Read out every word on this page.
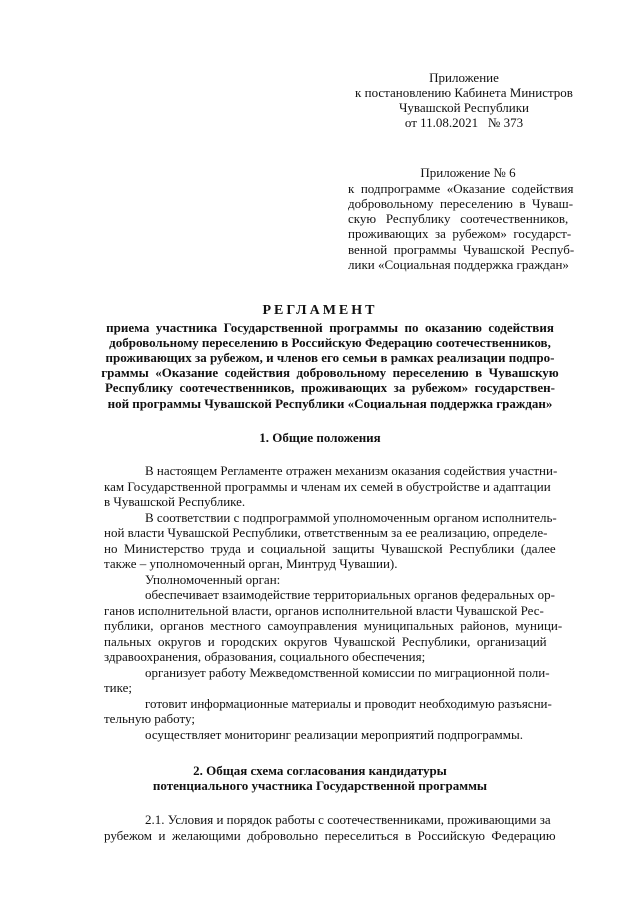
Приложение
к постановлению Кабинета Министров
Чувашской Республики
от 11.08.2021   № 373
Приложение № 6
к  подпрограмме  «Оказание  содействия
добровольному  переселению  в  Чуваш-
скую   Республику   соотечественников,
проживающих  за  рубежом»  государст-
венной  программы  Чувашской  Респуб-
лики «Социальная поддержка граждан»
РЕГЛАМЕНТ
приема  участника  Государственной  программы  по  оказанию  содействия
добровольному переселению в Российскую Федерацию соотечественников,
проживающих за рубежом, и членов его семьи в рамках реализации подпро-
граммы  «Оказание  содействия  добровольному  переселению  в  Чувашскую
Республику  соотечественников,  проживающих  за  рубежом»  государствен-
ной программы Чувашской Республики «Социальная поддержка граждан»
1. Общие положения
В настоящем Регламенте отражен механизм оказания содействия участни-
кам Государственной программы и членам их семей в обустройстве и адаптации
в Чувашской Республике.
В соответствии с подпрограммой уполномоченным органом исполнитель-
ной власти Чувашской Республики, ответственным за ее реализацию, определе-
но  Министерство  труда  и  социальной  защиты  Чувашской  Республики  (далее
также – уполномоченный орган, Минтруд Чувашии).
Уполномоченный орган:
обеспечивает взаимодействие территориальных органов федеральных ор-
ганов исполнительной власти, органов исполнительной власти Чувашской Рес-
публики,  органов  местного  самоуправления  муниципальных  районов,  муници-
пальных  округов  и  городских  округов  Чувашской  Республики,  организаций
здравоохранения, образования, социального обеспечения;
организует работу Межведомственной комиссии по миграционной поли-
тике;
готовит информационные материалы и проводит необходимую разъясни-
тельную работу;
осуществляет мониторинг реализации мероприятий подпрограммы.
2. Общая схема согласования кандидатуры
потенциального участника Государственной программы
2.1. Условия и порядок работы с соотечественниками, проживающими за
рубежом  и  желающими  добровольно  переселиться  в  Российскую  Федерацию
